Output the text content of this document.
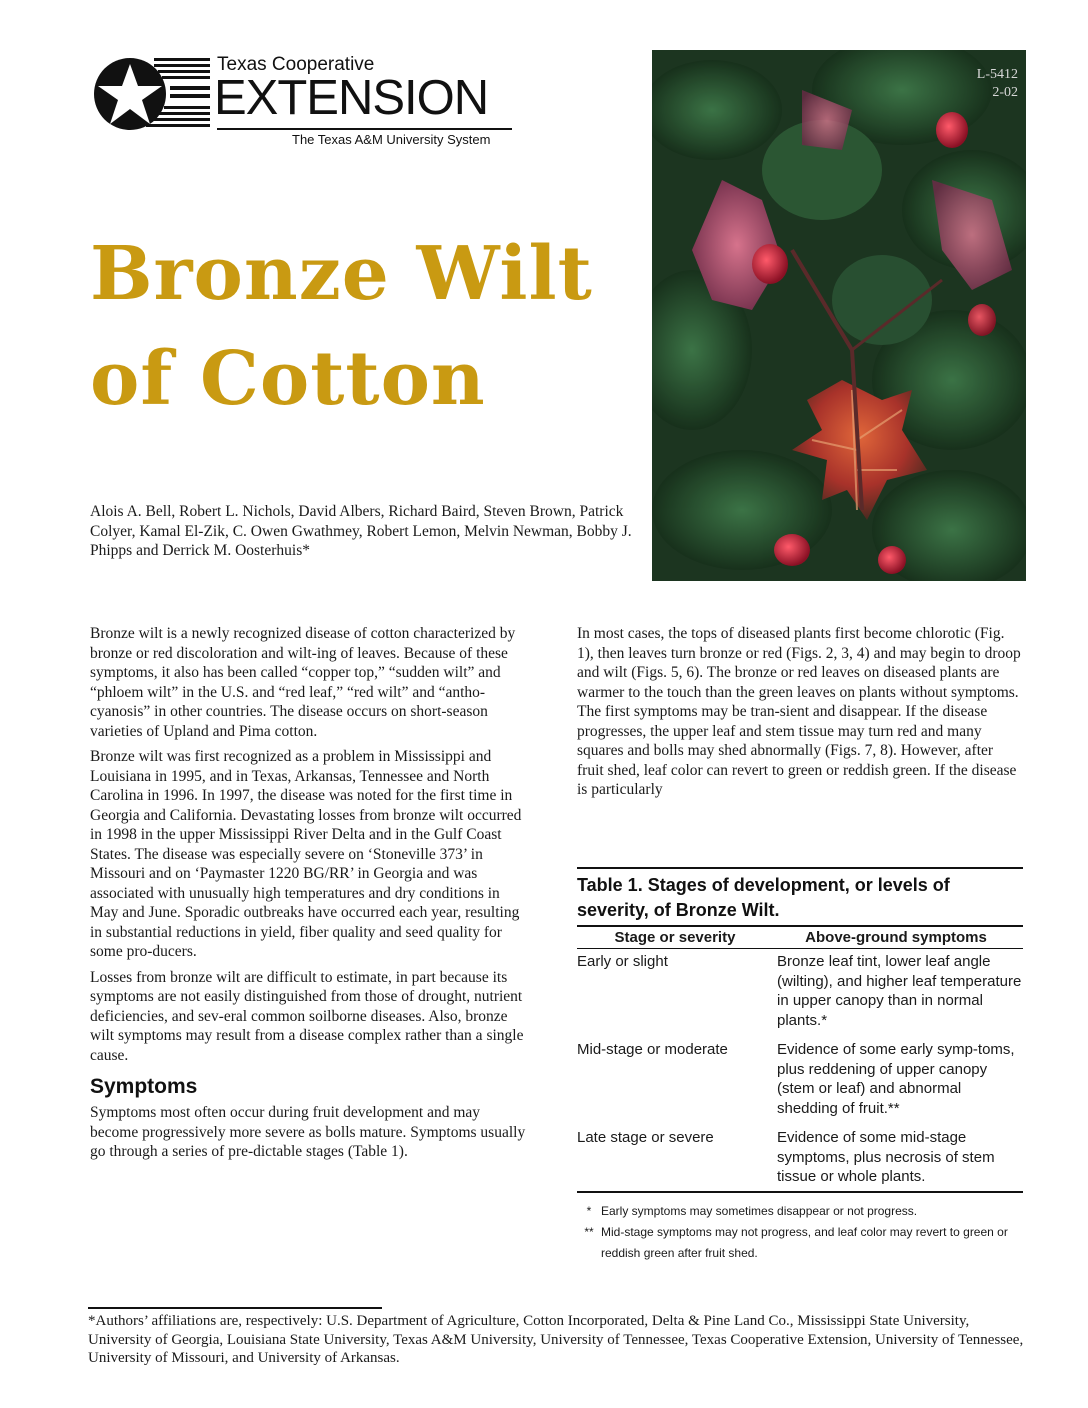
Texas Cooperative
EXTENSION
The Texas A&M University System
Bronze Wilt
of Cotton
L-5412
2-02
Alois A. Bell, Robert L. Nichols, David Albers, Richard Baird, Steven Brown, Patrick Colyer, Kamal El-Zik, C. Owen Gwathmey, Robert Lemon, Melvin Newman, Bobby J. Phipps and Derrick M. Oosterhuis*

Bronze wilt is a newly recognized disease of cotton characterized by bronze or red discoloration and wilt-ing of leaves. Because of these symptoms, it also has been called “copper top,” “sudden wilt” and “phloem wilt” in the U.S. and “red leaf,” “red wilt” and “antho-cyanosis” in other countries. The disease occurs on short-season varieties of Upland and Pima cotton.

Bronze wilt was first recognized as a problem in Mississippi and Louisiana in 1995, and in Texas, Arkansas, Tennessee and North Carolina in 1996. In 1997, the disease was noted for the first time in Georgia and California. Devastating losses from bronze wilt occurred in 1998 in the upper Mississippi River Delta and in the Gulf Coast States. The disease was especially severe on ‘Stoneville 373’ in Missouri and on ‘Paymaster 1220 BG/RR’ in Georgia and was associated with unusually high temperatures and dry conditions in May and June. Sporadic outbreaks have occurred each year, resulting in substantial reductions in yield, fiber quality and seed quality for some pro-ducers.

Losses from bronze wilt are difficult to estimate, in part because its symptoms are not easily distinguished from those of drought, nutrient deficiencies, and sev-eral common soilborne diseases. Also, bronze wilt symptoms may result from a disease complex rather than a single cause.

Symptoms

Symptoms most often occur during fruit development and may become progressively more severe as bolls mature. Symptoms usually go through a series of pre-dictable stages (Table 1).

In most cases, the tops of diseased plants first become chlorotic (Fig. 1), then leaves turn bronze or red (Figs. 2, 3, 4) and may begin to droop and wilt (Figs. 5, 6). The bronze or red leaves on diseased plants are warmer to the touch than the green leaves on plants without symptoms. The first symptoms may be tran-sient and disappear. If the disease progresses, the upper leaf and stem tissue may turn red and many squares and bolls may shed abnormally (Figs. 7, 8). However, after fruit shed, leaf color can revert to green or reddish green. If the disease is particularly

Table 1. Stages of development, or levels of severity, of Bronze Wilt.
Stage or severity	Above-ground symptoms
Early or slight	Bronze leaf tint, lower leaf angle (wilting), and higher leaf temperature in upper canopy than in normal plants.*
Mid-stage or moderate	Evidence of some early symp-toms, plus reddening of upper canopy (stem or leaf) and abnormal shedding of fruit.**
Late stage or severe	Evidence of some mid-stage symptoms, plus necrosis of stem tissue or whole plants.
* Early symptoms may sometimes disappear or not progress.
** Mid-stage symptoms may not progress, and leaf color may revert to green or reddish green after fruit shed.
*Authors’ affiliations are, respectively: U.S. Department of Agriculture, Cotton Incorporated, Delta & Pine Land Co., Mississippi State University, University of Georgia, Louisiana State University, Texas A&M University, University of Tennessee, Texas Cooperative Extension, University of Tennessee, University of Missouri, and University of Arkansas.
